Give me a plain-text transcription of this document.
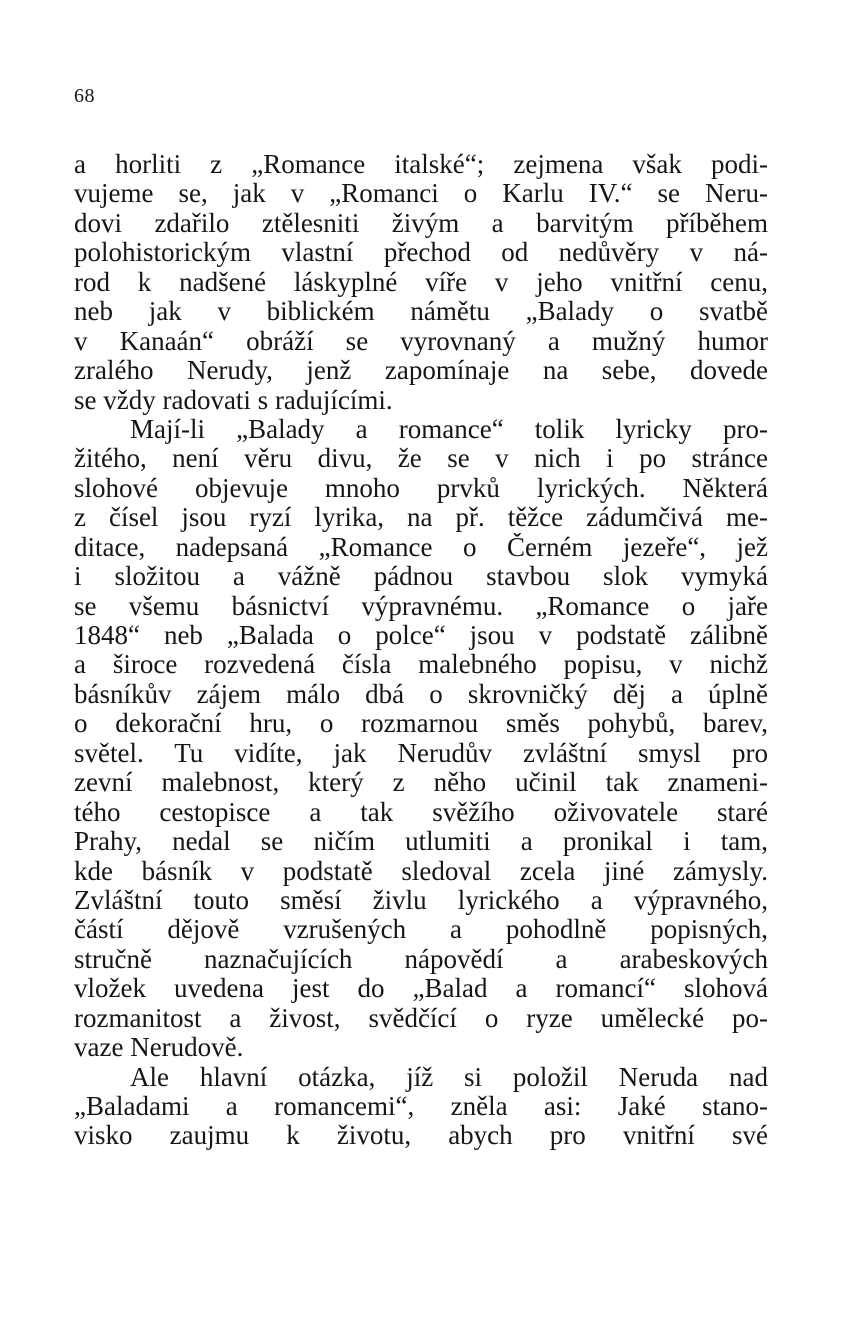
68
a horliti z „Romance italské“; zejmena však podi-
vujeme se, jak v „Romanci o Karlu IV.“ se Neru-
dovi zdařilo ztělesniti živým a barvitým příběhem
polohistorickým vlastní přechod od nedůvěry v ná-
rod k nadšené láskyplné víře v jeho vnitřní cenu,
neb jak v biblickém námětu „Balady o svatbě
v Kanaán“ obráží se vyrovnaný a mužný humor
zralého Nerudy, jenž zapomínaje na sebe, dovede
se vždy radovati s radujícími.
Mají-li „Balady a romance“ tolik lyricky pro-
žitého, není věru divu, že se v nich i po stránce
slohové objevuje mnoho prvků lyrických. Některá
z čísel jsou ryzí lyrika, na př. těžce zádumčivá me-
ditace, nadepsaná „Romance o Černém jezeře“, jež
i složitou a vážně pádnou stavbou slok vymyká
se všemu básnictví výpravnému. „Romance o jaře
1848“ neb „Balada o polce“ jsou v podstatě zálibně
a široce rozvedená čísla malebného popisu, v nichž
básníkův zájem málo dbá o skrovničký děj a úplně
o dekorační hru, o rozmarnou směs pohybů, barev,
světel. Tu vidíte, jak Nerudův zvláštní smysl pro
zevní malebnost, který z něho učinil tak znameni-
tého cestopisce a tak svěžího oživovatele staré
Prahy, nedal se ničím utlumiti a pronikal i tam,
kde básník v podstatě sledoval zcela jiné zámysly.
Zvláštní touto směsí živlu lyrického a výpravného,
částí dějově vzrušených a pohodlně popisných,
stručně naznačujících nápovědí a arabeskových
vložek uvedena jest do „Balad a romancí“ slohová
rozmanitost a živost, svědčící o ryze umělecké po-
vaze Nerudově.
Ale hlavní otázka, jíž si položil Neruda nad
„Baladami a romancemi“, zněla asi: Jaké stano-
visko zaujmu k životu, abych pro vnitřní své
